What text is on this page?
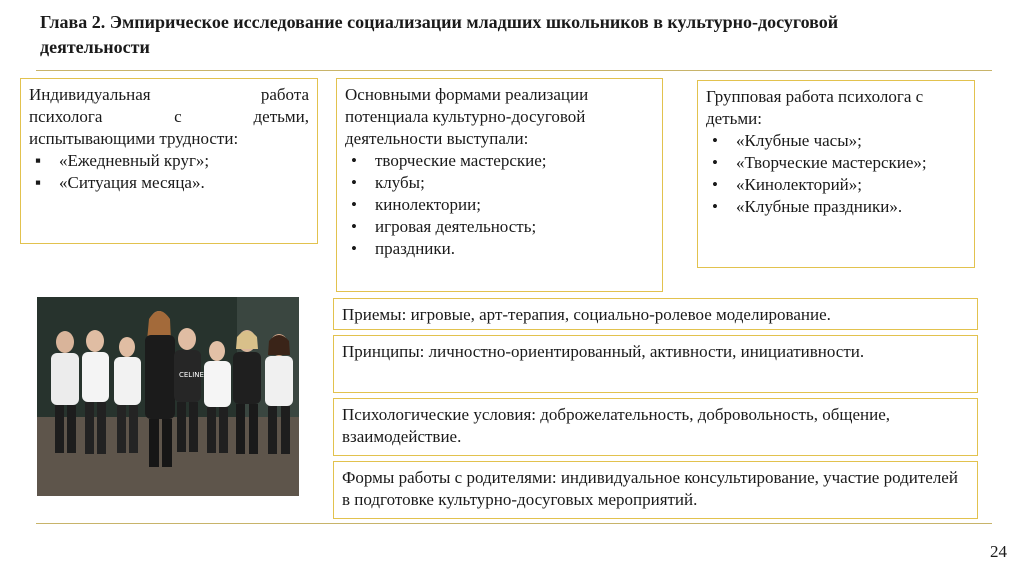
Глава 2. Эмпирическое исследование социализации младших школьников в культурно-досуговой деятельности
Индивидуальная работа
психолога с детьми,
испытывающими трудности:
▪ «Ежедневный круг»;
▪ «Ситуация месяца».
Основными формами реализации потенциала культурно-досуговой деятельности выступали:
• творческие мастерские;
• клубы;
• кинолектории;
• игровая деятельность;
• праздники.
Групповая работа психолога с детьми:
• «Клубные часы»;
• «Творческие мастерские»;
• «Кинолекторий»;
• «Клубные праздники».
CELINE
Приемы: игровые, арт-терапия, социально-ролевое моделирование.
Принципы: личностно-ориентированный, активности, инициативности.
Психологические условия: доброжелательность, добровольность, общение, взаимодействие.
Формы работы с родителями: индивидуальное консультирование, участие родителей в подготовке культурно-досуговых мероприятий.
24
